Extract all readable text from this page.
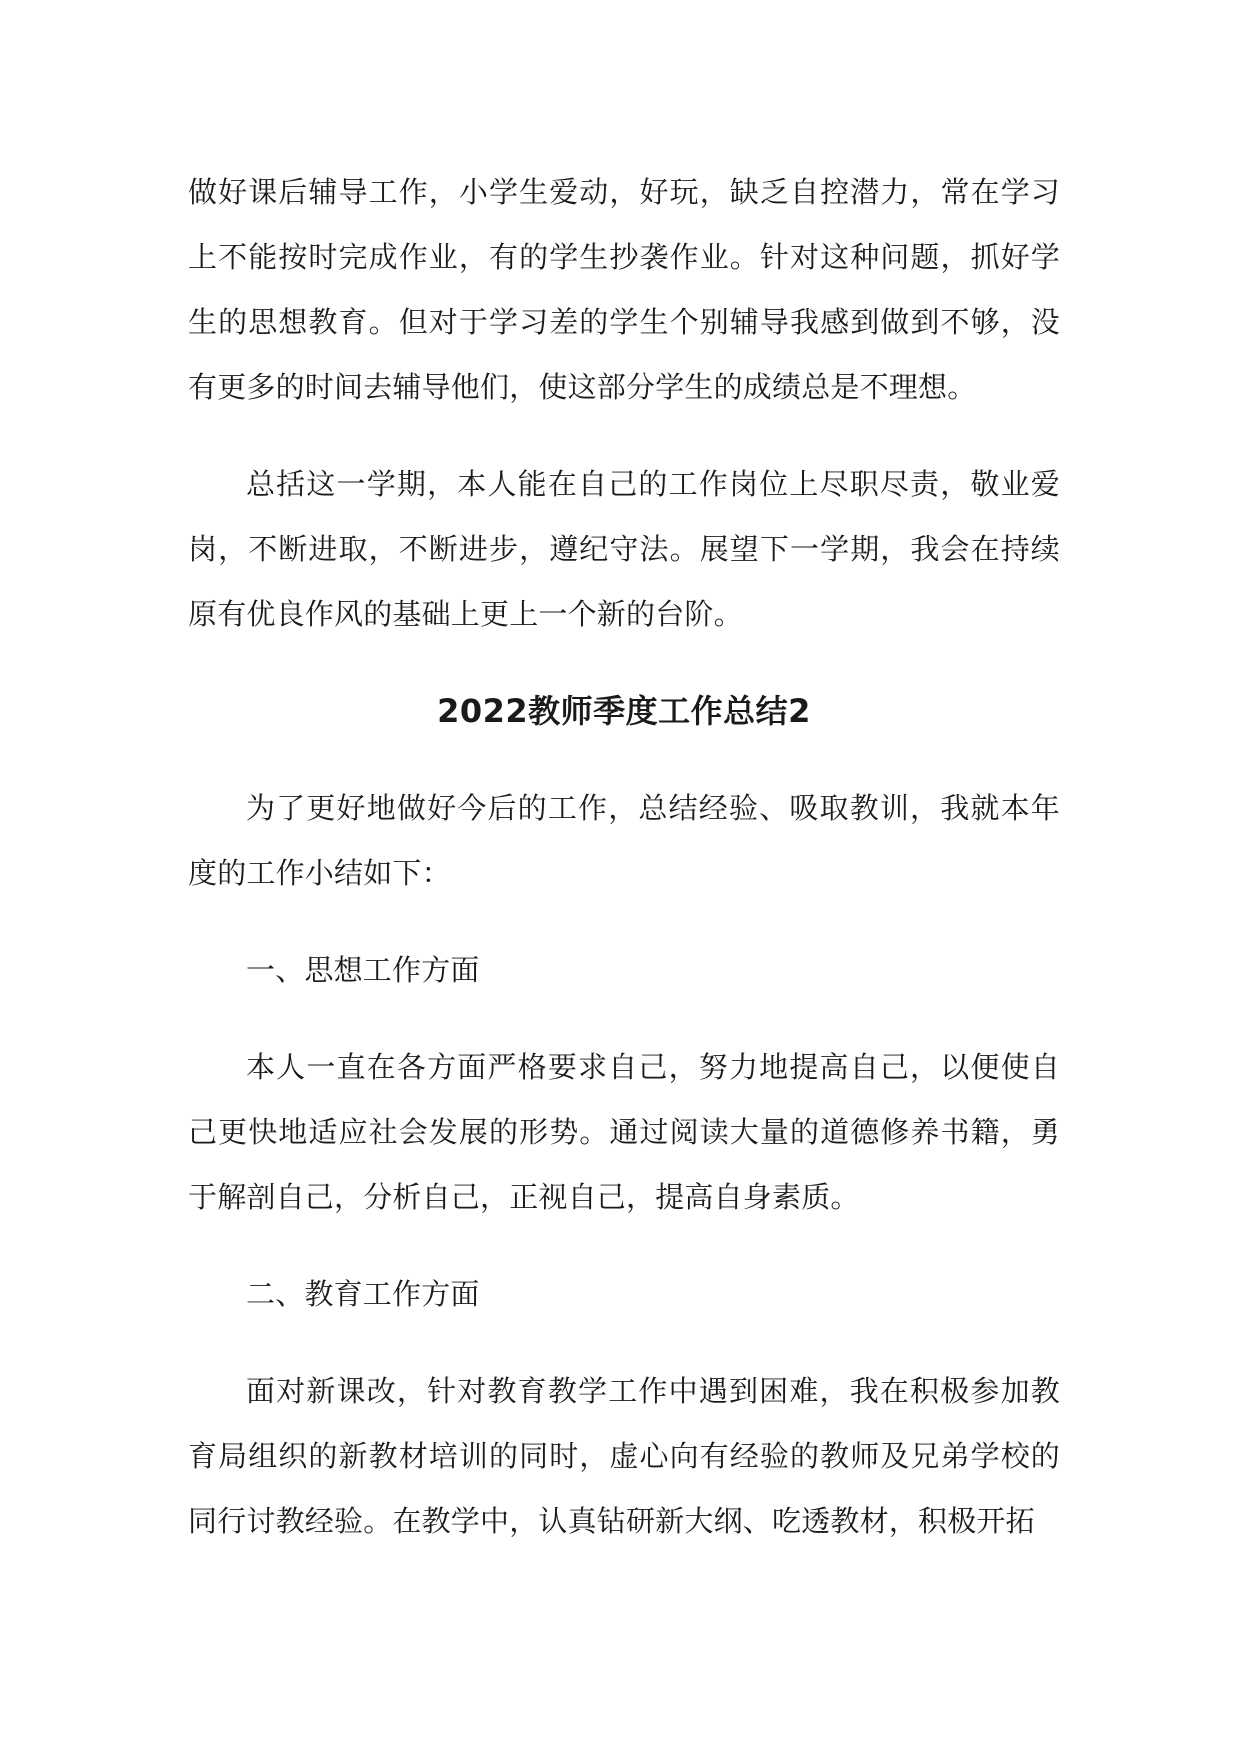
做好课后辅导工作，小学生爱动，好玩，缺乏自控潜力，常在学习上不能按时完成作业，有的学生抄袭作业。针对这种问题，抓好学生的思想教育。但对于学习差的学生个别辅导我感到做到不够，没有更多的时间去辅导他们，使这部分学生的成绩总是不理想。

总括这一学期，本人能在自己的工作岗位上尽职尽责，敬业爱岗，不断进取，不断进步，遵纪守法。展望下一学期，我会在持续原有优良作风的基础上更上一个新的台阶。

2022教师季度工作总结2

为了更好地做好今后的工作，总结经验、吸取教训，我就本年度的工作小结如下：

一、思想工作方面

本人一直在各方面严格要求自己，努力地提高自己，以便使自己更快地适应社会发展的形势。通过阅读大量的道德修养书籍，勇于解剖自己，分析自己，正视自己，提高自身素质。

二、教育工作方面

面对新课改，针对教育教学工作中遇到困难，我在积极参加教育局组织的新教材培训的同时，虚心向有经验的教师及兄弟学校的同行讨教经验。在教学中，认真钻研新大纲、吃透教材，积极开拓
